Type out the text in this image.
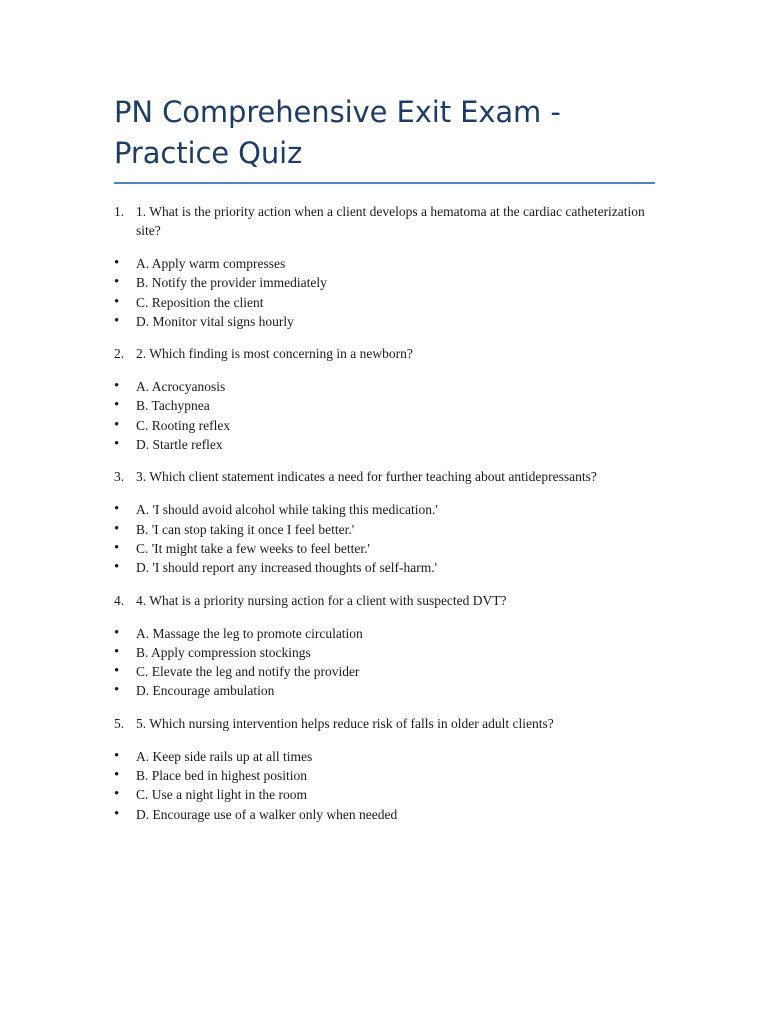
PN Comprehensive Exit Exam - Practice Quiz
1. 1. What is the priority action when a client develops a hematoma at the cardiac catheterization site?
• A. Apply warm compresses
• B. Notify the provider immediately
• C. Reposition the client
• D. Monitor vital signs hourly
2. 2. Which finding is most concerning in a newborn?
• A. Acrocyanosis
• B. Tachypnea
• C. Rooting reflex
• D. Startle reflex
3. 3. Which client statement indicates a need for further teaching about antidepressants?
• A. 'I should avoid alcohol while taking this medication.'
• B. 'I can stop taking it once I feel better.'
• C. 'It might take a few weeks to feel better.'
• D. 'I should report any increased thoughts of self-harm.'
4. 4. What is a priority nursing action for a client with suspected DVT?
• A. Massage the leg to promote circulation
• B. Apply compression stockings
• C. Elevate the leg and notify the provider
• D. Encourage ambulation
5. 5. Which nursing intervention helps reduce risk of falls in older adult clients?
• A. Keep side rails up at all times
• B. Place bed in highest position
• C. Use a night light in the room
• D. Encourage use of a walker only when needed
